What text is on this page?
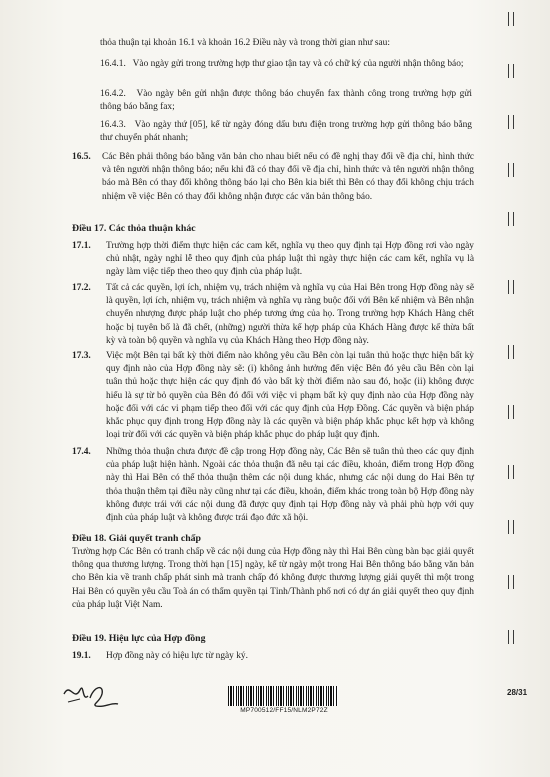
thỏa thuận tại khoản 16.1 và khoản 16.2 Điều này và trong thời gian như sau:
16.4.1. Vào ngày gửi trong trường hợp thư giao tận tay và có chữ ký của người nhận thông báo;
16.4.2. Vào ngày bên gửi nhận được thông báo chuyển fax thành công trong trường hợp gửi thông báo bằng fax;
16.4.3. Vào ngày thứ [05], kể từ ngày đóng dấu bưu điện trong trường hợp gửi thông báo bằng thư chuyển phát nhanh;
16.5. Các Bên phải thông báo bằng văn bản cho nhau biết nếu có đề nghị thay đổi về địa chỉ, hình thức và tên người nhận thông báo; nếu khi đã có thay đổi về địa chỉ, hình thức và tên người nhận thông báo mà Bên có thay đổi không thông báo lại cho Bên kia biết thì Bên có thay đổi không chịu trách nhiệm về việc Bên có thay đổi không nhận được các văn bản thông báo.
Điều 17. Các thỏa thuận khác
17.1. Trường hợp thời điểm thực hiện các cam kết, nghĩa vụ theo quy định tại Hợp đồng rơi vào ngày chủ nhật, ngày nghỉ lễ theo quy định của pháp luật thì ngày thực hiện các cam kết, nghĩa vụ là ngày làm việc tiếp theo theo quy định của pháp luật.
17.2. Tất cả các quyền, lợi ích, nhiệm vụ, trách nhiệm và nghĩa vụ của Hai Bên trong Hợp đồng này sẽ là quyền, lợi ích, nhiệm vụ, trách nhiệm và nghĩa vụ ràng buộc đối với Bên kế nhiệm và Bên nhận chuyển nhượng được pháp luật cho phép tương ứng của họ. Trong trường hợp Khách Hàng chết hoặc bị tuyên bố là đã chết, (những) người thừa kế hợp pháp của Khách Hàng được kế thừa bất kỳ và toàn bộ quyền và nghĩa vụ của Khách Hàng theo Hợp đồng này.
17.3. Việc một Bên tại bất kỳ thời điểm nào không yêu cầu Bên còn lại tuân thủ hoặc thực hiện bất kỳ quy định nào của Hợp đồng này sẽ: (i) không ảnh hưởng đến việc Bên đó yêu cầu Bên còn lại tuân thủ hoặc thực hiện các quy định đó vào bất kỳ thời điểm nào sau đó, hoặc (ii) không được hiểu là sự từ bỏ quyền của Bên đó đối với việc vi phạm bất kỳ quy định nào của Hợp đồng này hoặc đối với các vi phạm tiếp theo đối với các quy định của Hợp Đồng. Các quyền và biện pháp khắc phục quy định trong Hợp đồng này là các quyền và biện pháp khắc phục kết hợp và không loại trừ đối với các quyền và biện pháp khắc phục do pháp luật quy định.
17.4. Những thỏa thuận chưa được đề cập trong Hợp đồng này, Các Bên sẽ tuân thủ theo các quy định của pháp luật hiện hành. Ngoài các thỏa thuận đã nêu tại các điều, khoản, điểm trong Hợp đồng này thì Hai Bên có thể thỏa thuận thêm các nội dung khác, nhưng các nội dung do Hai Bên tự thỏa thuận thêm tại điều này cũng như tại các điều, khoản, điểm khác trong toàn bộ Hợp đồng này không được trái với các nội dung đã được quy định tại Hợp đồng này và phải phù hợp với quy định của pháp luật và không được trái đạo đức xã hội.
Điều 18. Giải quyết tranh chấp
Trường hợp Các Bên có tranh chấp về các nội dung của Hợp đồng này thì Hai Bên cùng bàn bạc giải quyết thông qua thương lượng. Trong thời hạn [15] ngày, kể từ ngày một trong Hai Bên thông báo bằng văn bản cho Bên kia về tranh chấp phát sinh mà tranh chấp đó không được thương lượng giải quyết thì một trong Hai Bên có quyền yêu cầu Toà án có thẩm quyền tại Tỉnh/Thành phố nơi có dự án giải quyết theo quy định của pháp luật Việt Nam.
Điều 19. Hiệu lực của Hợp đồng
19.1. Hợp đồng này có hiệu lực từ ngày ký.
MP700512/FF15/NLM2P72Z
28/31
